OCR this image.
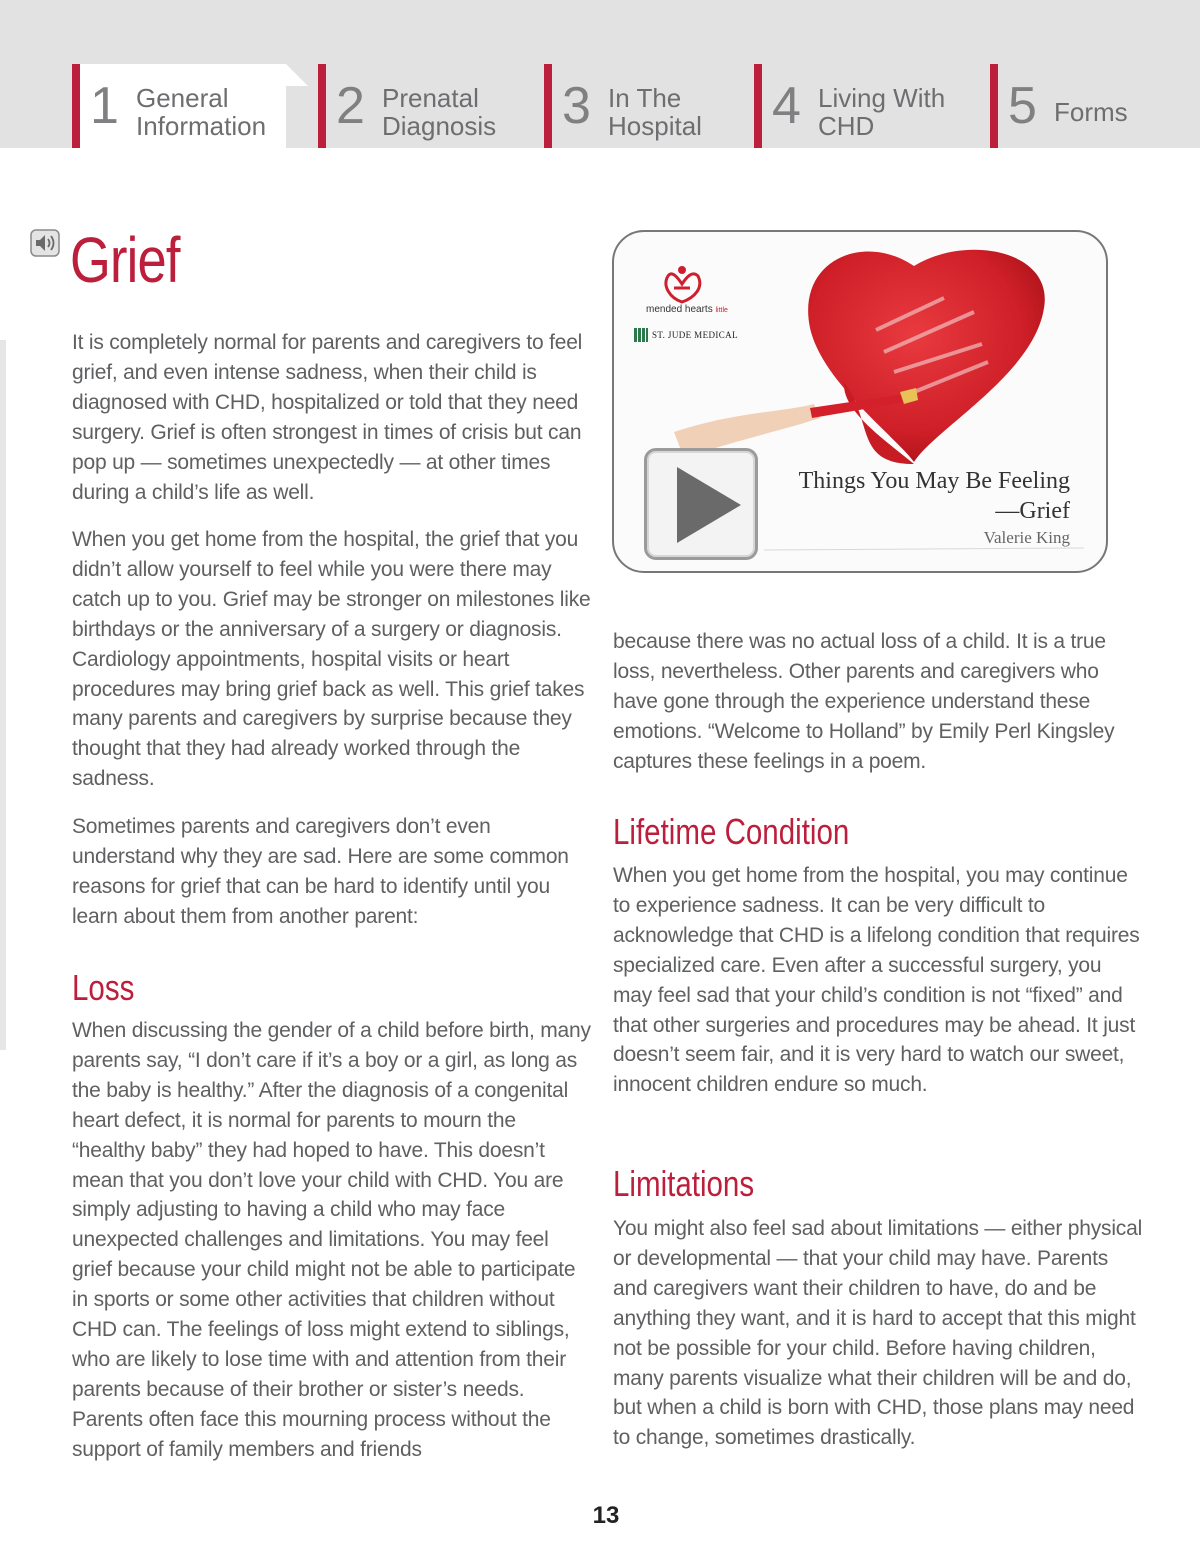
1 General
Information 2 Prenatal
Diagnosis 3 In The
Hospital 4 Living With
CHD	5 Forms
Grief

It is completely normal for parents and caregivers to feel grief, and even intense sadness, when their child is diagnosed with CHD, hospitalized or told that they need surgery. Grief is often strongest in times of crisis but can pop up — sometimes unexpectedly — at other times during a child’s life as well.

When you get home from the hospital, the grief that you didn’t allow yourself to feel while you were there may catch up to you. Grief may be stronger on milestones like birthdays or the anniversary of a surgery or diagnosis. Cardiology appointments, hospital visits or heart procedures may bring grief back as well. This grief takes many parents and caregivers by surprise because they thought that they had already worked through the sadness.

Sometimes parents and caregivers don’t even understand why they are sad. Here are some common reasons for grief that can be hard to identify until you learn about them from another parent:

Loss

When discussing the gender of a child before birth, many parents say, “I don’t care if it’s a boy or a girl, as long as the baby is healthy.” After the diagnosis of a congenital heart defect, it is normal for parents to mourn the “healthy baby” they had hoped to have. This doesn’t mean that you don’t love your child with CHD. You are simply adjusting to having a child who may face unexpected challenges and limitations. You may feel grief because your child might not be able to participate in sports or some other activities that children without CHD can. The feelings of loss might extend to siblings, who are likely to lose time with and attention from their parents because of their brother or sister’s needs. Parents often face this mourning process without the support of family members and friends

mended hearts little
ST. JUDE MEDICAL
Things You May Be Feeling
—Grief
Valerie King

because there was no actual loss of a child. It is a true loss, nevertheless. Other parents and caregivers who have gone through the experience understand these emotions. “Welcome to Holland” by Emily Perl Kingsley captures these feelings in a poem.

Lifetime Condition

When you get home from the hospital, you may continue to experience sadness. It can be very difficult to acknowledge that CHD is a lifelong condition that requires specialized care. Even after a successful surgery, you may feel sad that your child’s condition is not “fixed” and that other surgeries and procedures may be ahead. It just doesn’t seem fair, and it is very hard to watch our sweet, innocent children endure so much.

Limitations

You might also feel sad about limitations — either physical or developmental — that your child may have. Parents and caregivers want their children to have, do and be anything they want, and it is hard to accept that this might not be possible for your child. Before having children, many parents visualize what their children will be and do, but when a child is born with CHD, those plans may need to change, sometimes drastically.

13
